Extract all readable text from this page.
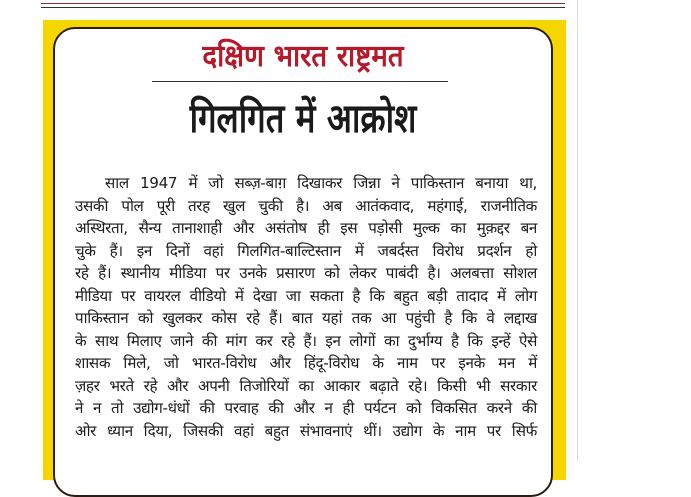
दक्षिण भारत राष्ट्रमत
गिलगित में आक्रोश
साल 1947 में जो सब्ज़-बाग़ दिखाकर जिन्ना ने पाकिस्तान बनाया था,
उसकी पोल पूरी तरह खुल चुकी है। अब आतंकवाद, महंगाई, राजनीतिक
अस्थिरता, सैन्य तानाशाही और असंतोष ही इस पड़ोसी मुल्क का मुक़द्दर बन
चुके हैं। इन दिनों वहां गिलगित-बाल्टिस्तान में जबर्दस्त विरोध प्रदर्शन हो
रहे हैं। स्थानीय मीडिया पर उनके प्रसारण को लेकर पाबंदी है। अलबत्ता सोशल
मीडिया पर वायरल वीडियो में देखा जा सकता है कि बहुत बड़ी तादाद में लोग
पाकिस्तान को खुलकर कोस रहे हैं। बात यहां तक आ पहुंची है कि वे लद्दाख
के साथ मिलाए जाने की मांग कर रहे हैं। इन लोगों का दुर्भाग्य है कि इन्हें ऐसे
शासक मिले, जो भारत-विरोध और हिंदू-विरोध के नाम पर इनके मन में
ज़हर भरते रहे और अपनी तिजोरियों का आकार बढ़ाते रहे। किसी भी सरकार
ने न तो उद्योग-धंधों की परवाह की और न ही पर्यटन को विकसित करने की
ओर ध्यान दिया, जिसकी वहां बहुत संभावनाएं थीं। उद्योग के नाम पर सिर्फ
